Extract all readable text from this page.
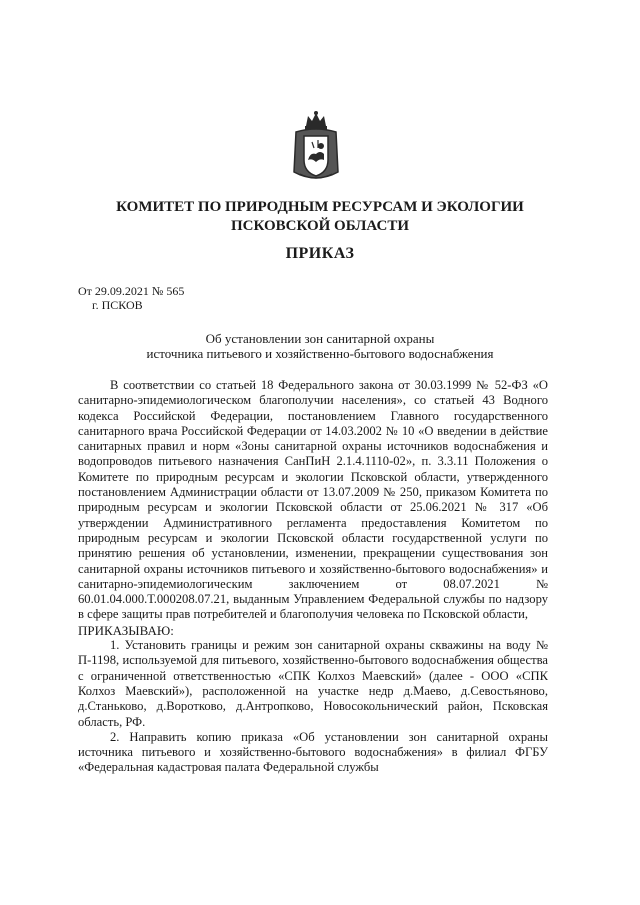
КОМИТЕТ ПО ПРИРОДНЫМ РЕСУРСАМ И ЭКОЛОГИИ
ПСКОВСКОЙ ОБЛАСТИ
ПРИКАЗ
От 29.09.2021 № 565
г. ПСКОВ
Об установлении зон санитарной охраны
источника питьевого и хозяйственно-бытового водоснабжения

В соответствии со статьей 18 Федерального закона от 30.03.1999 № 52-ФЗ «О санитарно-эпидемиологическом благополучии населения», со статьей 43 Водного кодекса Российской Федерации, постановлением Главного государственного санитарного врача Российской Федерации от 14.03.2002 № 10 «О введении в действие санитарных правил и норм «Зоны санитарной охраны источников водоснабжения и водопроводов питьевого назначения СанПиН 2.1.4.1110-02», п. 3.3.11 Положения о Комитете по природным ресурсам и экологии Псковской области, утвержденного постановлением Администрации области от 13.07.2009 № 250, приказом Комитета по природным ресурсам и экологии Псковской области от 25.06.2021 № 317 «Об утверждении Административного регламента предоставления Комитетом по природным ресурсам и экологии Псковской области государственной услуги по принятию решения об установлении, изменении, прекращении существования зон санитарной охраны источников питьевого и хозяйственно-бытового водоснабжения» и санитарно-эпидемиологическим заключением от 08.07.2021 № 60.01.04.000.Т.000208.07.21, выданным Управлением Федеральной службы по надзору в сфере защиты прав потребителей и благополучия человека по Псковской области,

ПРИКАЗЫВАЮ:

1. Установить границы и режим зон санитарной охраны скважины на воду № П-1198, используемой для питьевого, хозяйственно-бытового водоснабжения общества с ограниченной ответственностью «СПК Колхоз Маевский» (далее - ООО «СПК Колхоз Маевский»), расположенной на участке недр д.Маево, д.Севостьяново, д.Станьково, д.Воротково, д.Антропково, Новосокольнический район, Псковская область, РФ.

2. Направить копию приказа «Об установлении зон санитарной охраны источника питьевого и хозяйственно-бытового водоснабжения» в филиал ФГБУ «Федеральная кадастровая палата Федеральной службы
